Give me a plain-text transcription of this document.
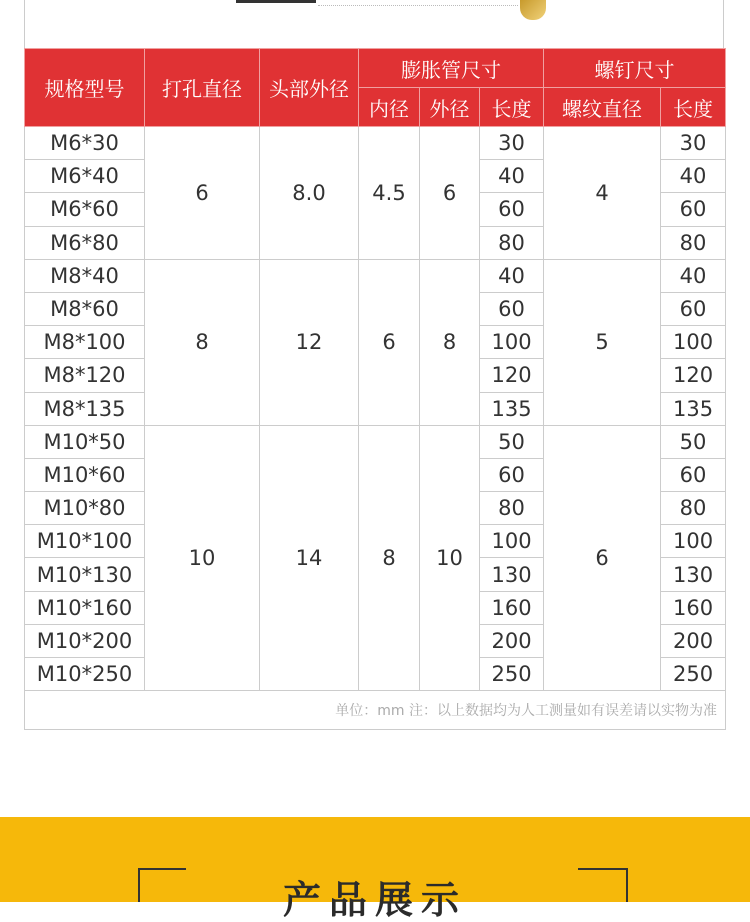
规格型号	打孔直径	头部外径	膨胀管尺寸			螺钉尺寸	
			内径	外径	长度	螺纹直径	长度
M6*30	6	8.0	4.5	6	30	4	30
M6*40					40		40
M6*60					60		60
M6*80					80		80
M8*40	8	12	6	8	40	5	40
M8*60					60		60
M8*100					100		100
M8*120					120		120
M8*135					135		135
M10*50	10	14	8	10	50	6	50
M10*60					60		60
M10*80					80		80
M10*100					100		100
M10*130					130		130
M10*160					160		160
M10*200					200		200
M10*250					250		250
单位：mm 注：以上数据均为人工测量如有误差请以实物为准							
产品展示
